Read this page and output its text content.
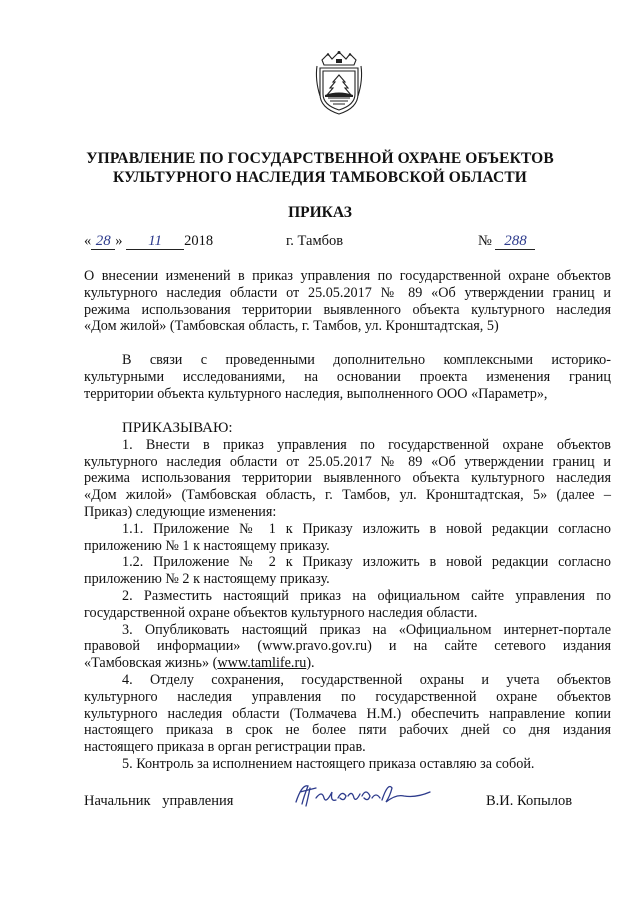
УПРАВЛЕНИЕ ПО ГОСУДАРСТВЕННОЙ ОХРАНЕ ОБЪЕКТОВ
КУЛЬТУРНОГО НАСЛЕДИЯ ТАМБОВСКОЙ ОБЛАСТИ
ПРИКАЗ
« 28 » 11 2018	г. Тамбов	№ 288
О внесении изменений в приказ управления по государственной охране объектов
культурного наследия области от 25.05.2017 № 89 «Об утверждении границ и
режима использования территории выявленного объекта культурного наследия
«Дом жилой» (Тамбовская область, г. Тамбов, ул. Кронштадтская, 5)
В связи с проведенными дополнительно комплексными историко-
культурными исследованиями, на основании проекта изменения границ
территории объекта культурного наследия, выполненного ООО «Параметр»,
ПРИКАЗЫВАЮ:
1. Внести в приказ управления по государственной охране объектов
культурного наследия области от 25.05.2017 № 89 «Об утверждении границ и
режима использования территории выявленного объекта культурного наследия
«Дом жилой» (Тамбовская область, г. Тамбов, ул. Кронштадтская, 5» (далее –
Приказ) следующие изменения:
1.1. Приложение № 1 к Приказу изложить в новой редакции согласно
приложению № 1 к настоящему приказу.
1.2. Приложение № 2 к Приказу изложить в новой редакции согласно
приложению № 2 к настоящему приказу.
2. Разместить настоящий приказ на официальном сайте управления по
государственной охране объектов культурного наследия области.
3. Опубликовать настоящий приказ на «Официальном интернет-портале
правовой информации» (www.pravo.gov.ru) и на сайте сетевого издания
«Тамбовская жизнь» (www.tamlife.ru).
4. Отделу сохранения, государственной охраны и учета объектов
культурного наследия управления по государственной охране объектов
культурного наследия области (Толмачева Н.М.) обеспечить направление копии
настоящего приказа в срок не более пяти рабочих дней со дня издания
настоящего приказа в орган регистрации прав.
5. Контроль за исполнением настоящего приказа оставляю за собой.
Начальник управления	В.И. Копылов
